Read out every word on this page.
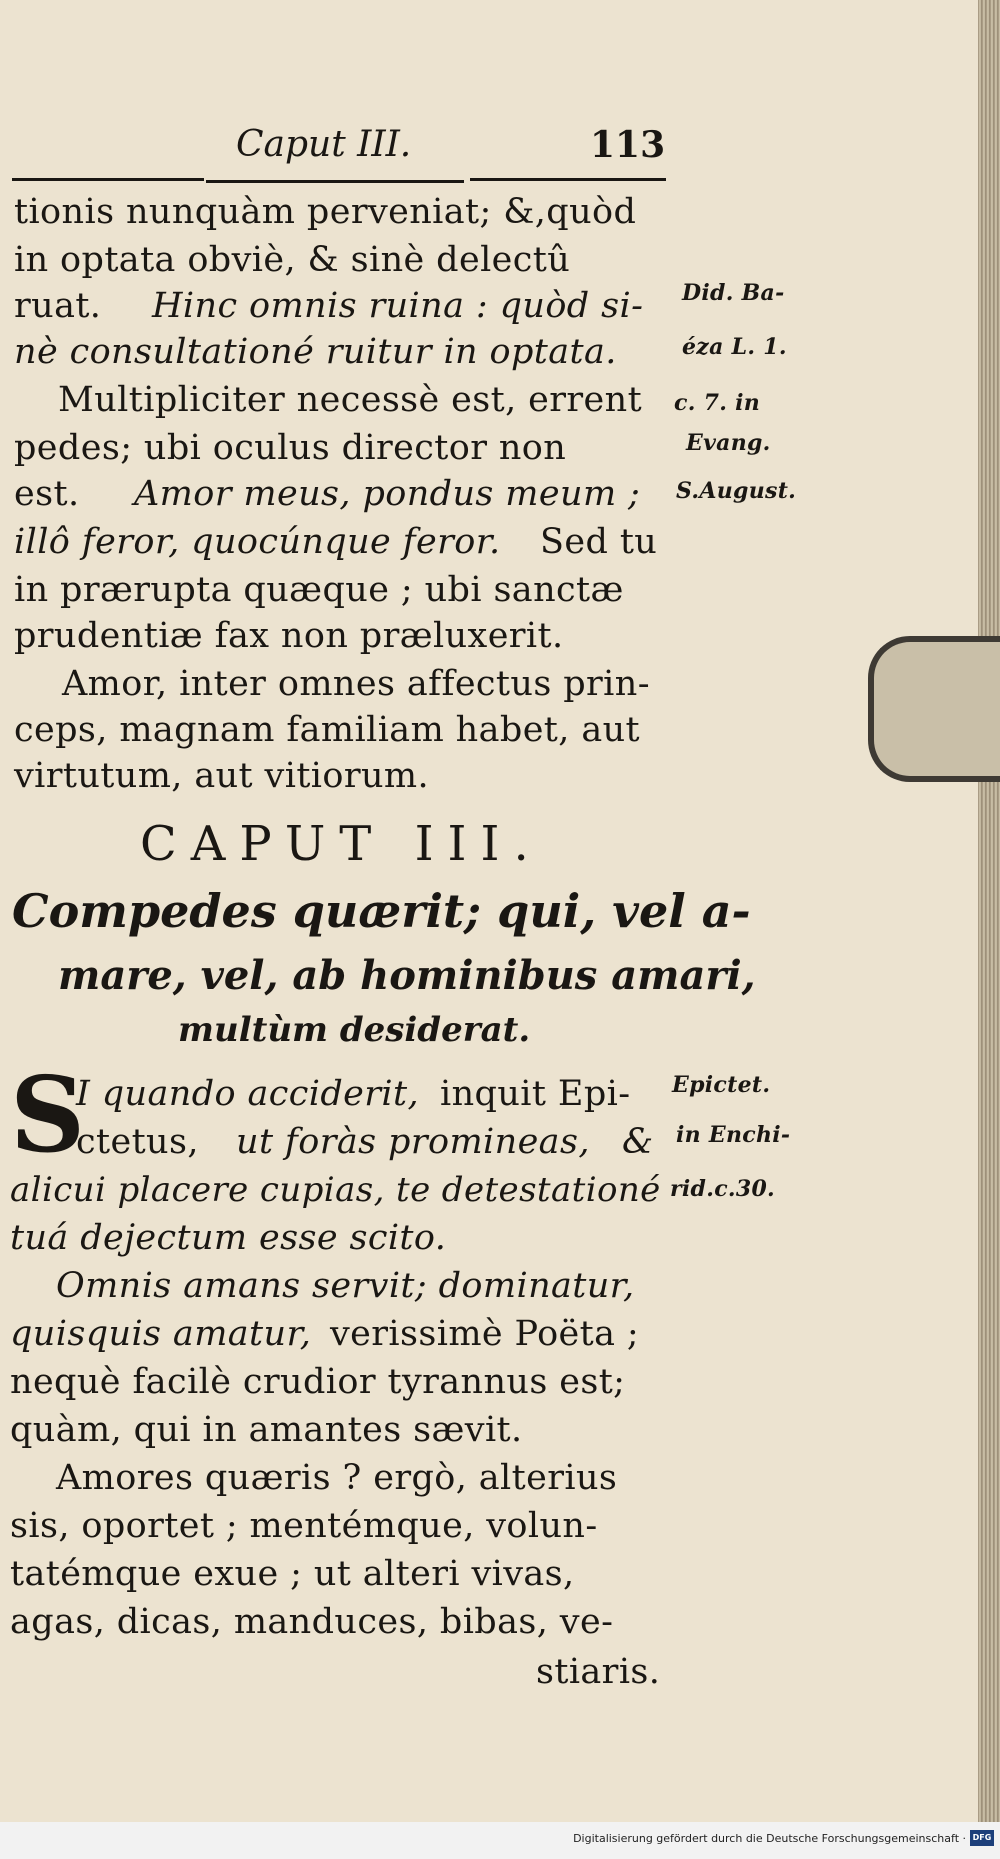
Caput III.	113
tionis nunquàm perveniat; &,quòd
in optata obviè, & sinè delectû
ruat. Hinc omnis ruina : quòd si-
nè consultationé ruitur in optata.
Multipliciter necessè est, errent
pedes; ubi oculus director non
est. Amor meus, pondus meum ;
illô feror, quocúnque feror. Sed tu
in prærupta quæque ; ubi sanctæ
prudentiæ fax non præluxerit.
Amor, inter omnes affectus prin-
ceps, magnam familiam habet, aut
virtutum, aut vitiorum.
Did. Ba-
éza L. 1.
c. 7. in
Evang.
S.August.
Epictet.
in Enchi-
rid.c.30.
CAPUT III.
Compedes quærit; qui, vel a-
mare, vel, ab hominibus amari,
multùm desiderat.
S
I quando acciderit, inquit Epi-
ctetus, ut foràs promineas, &
alicui placere cupias, te detestationé
tuá dejectum esse scito.
Omnis amans servit; dominatur,
quisquis amatur, verissimè Poëta ;
nequè facilè crudior tyrannus est;
quàm, qui in amantes sævit.
Amores quæris ? ergò, alterius
sis, oportet ; mentémque, volun-
tatémque exue ; ut alteri vivas,
agas, dicas, manduces, bibas, ve-
stiaris.
Digitalisierung gefördert durch die Deutsche Forschungsgemeinschaft · DFG
